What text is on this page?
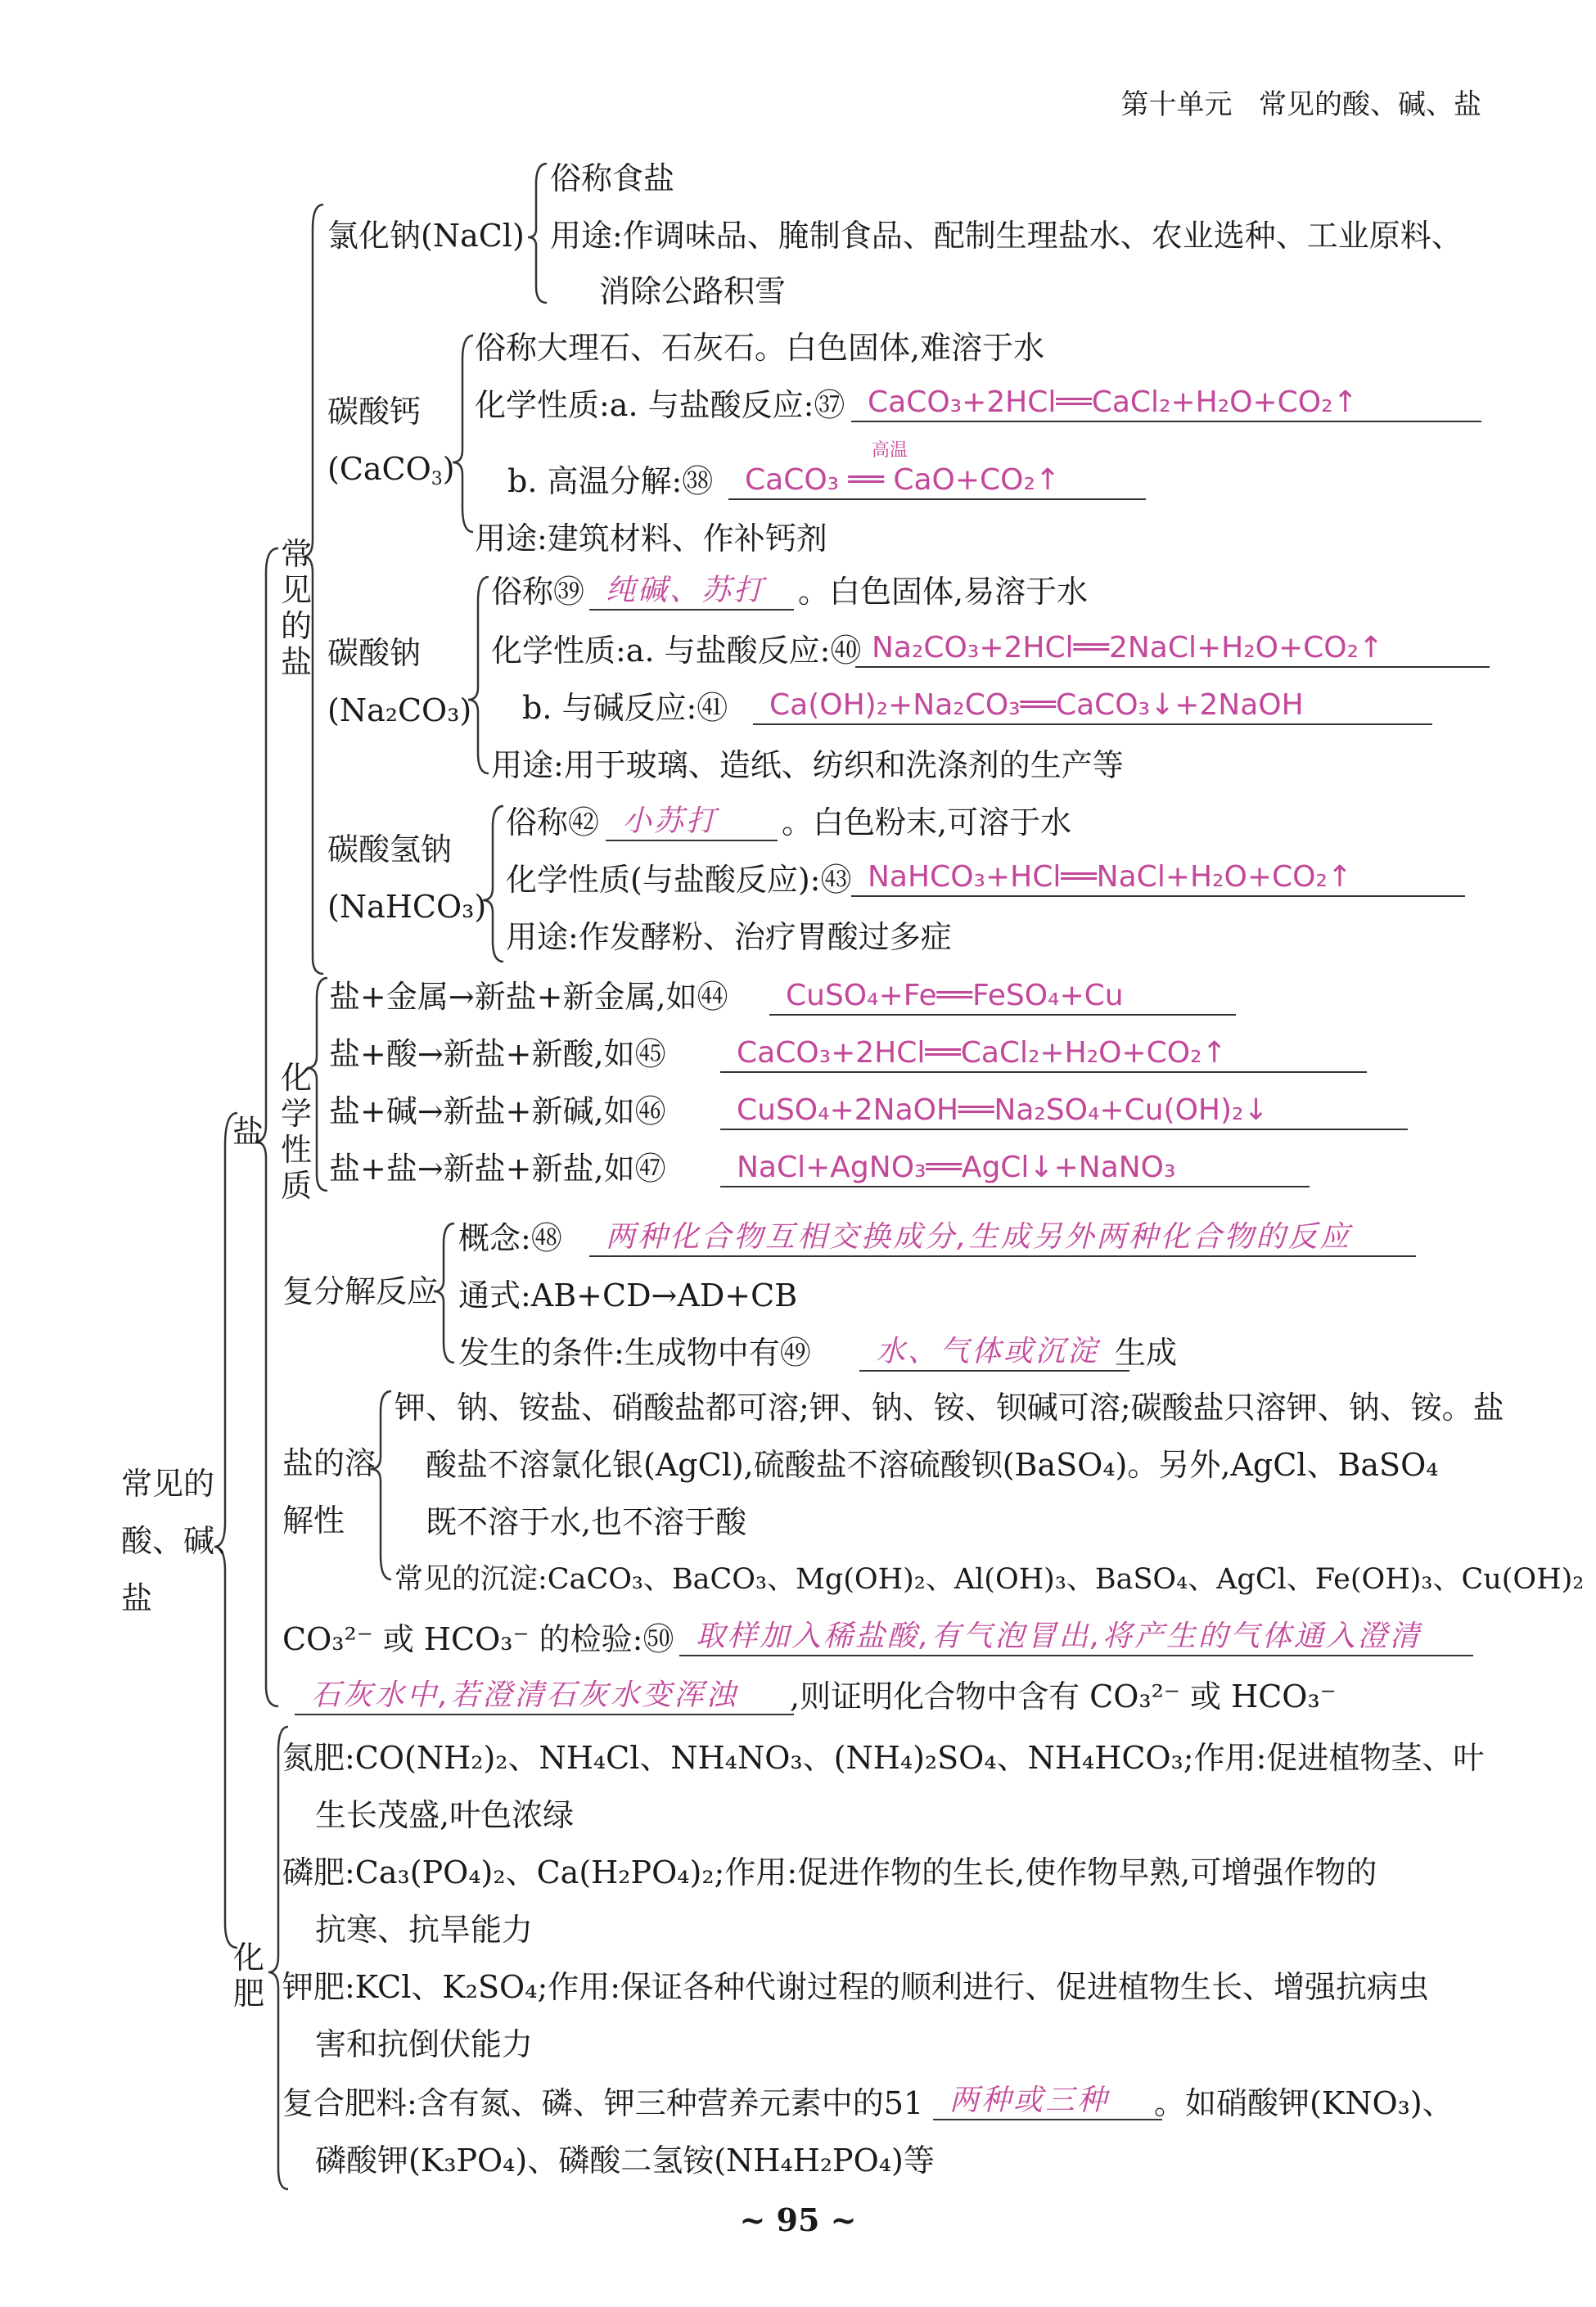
第十单元 常见的酸、碱、盐
常见的
酸、碱、
盐
盐
常见的盐
氯化钠(NaCl)
俗称食盐
用途:作调味品、腌制食品、配制生理盐水、农业选种、工业原料、
消除公路积雪
碳酸钙
(CaCO$_3$)
俗称大理石、石灰石。白色固体,难溶于水
化学性质:a. 与盐酸反应:㊲ CaCO₃+2HCl══CaCl₂+H₂O+CO₂↑
b. 高温分解:㊳
高温
CaCO₃ ══ CaO+CO₂↑
用途:建筑材料、作补钙剂
碳酸钠
(Na₂CO₃)
俗称㊴ 纯碱、苏打	。白色固体,易溶于水
化学性质:a. 与盐酸反应:㊵ Na₂CO₃+2HCl══2NaCl+H₂O+CO₂↑
b. 与碱反应:㊶	Ca(OH)₂+Na₂CO₃══CaCO₃↓+2NaOH
用途:用于玻璃、造纸、纺织和洗涤剂的生产等
碳酸氢钠
(NaHCO₃)
俗称㊷ 小苏打	。白色粉末,可溶于水
化学性质(与盐酸反应):㊸ NaHCO₃+HCl══NaCl+H₂O+CO₂↑
用途:作发酵粉、治疗胃酸过多症
化学性质
盐+金属→新盐+新金属,如㊹	CuSO₄+Fe══FeSO₄+Cu
盐+酸→新盐+新酸,如㊺	CaCO₃+2HCl══CaCl₂+H₂O+CO₂↑
盐+碱→新盐+新碱,如㊻	CuSO₄+2NaOH══Na₂SO₄+Cu(OH)₂↓
盐+盐→新盐+新盐,如㊼	NaCl+AgNO₃══AgCl↓+NaNO₃
复分解反应
概念:㊽	两种化合物互相交换成分,生成另外两种化合物的反应
通式:AB+CD→AD+CB
发生的条件:生成物中有㊾	水、气体或沉淀 生成
盐的溶
解性
钾、钠、铵盐、硝酸盐都可溶;钾、钠、铵、钡碱可溶;碳酸盐只溶钾、钠、铵。盐
酸盐不溶氯化银(AgCl),硫酸盐不溶硫酸钡(BaSO₄)。另外,AgCl、BaSO₄
既不溶于水,也不溶于酸
常见的沉淀:CaCO₃、BaCO₃、Mg(OH)₂、Al(OH)₃、BaSO₄、AgCl、Fe(OH)₃、Cu(OH)₂
CO₃²⁻ 或 HCO₃⁻ 的检验:㊿ 取样加入稀盐酸,有气泡冒出,将产生的气体通入澄清
石灰水中,若澄清石灰水变浑浊	,则证明化合物中含有 CO₃²⁻ 或 HCO₃⁻
化肥
氮肥:CO(NH₂)₂、NH₄Cl、NH₄NO₃、(NH₄)₂SO₄、NH₄HCO₃;作用:促进植物茎、叶
生长茂盛,叶色浓绿
磷肥:Ca₃(PO₄)₂、Ca(H₂PO₄)₂;作用:促进作物的生长,使作物早熟,可增强作物的
抗寒、抗旱能力
钾肥:KCl、K₂SO₄;作用:保证各种代谢过程的顺利进行、促进植物生长、增强抗病虫
害和抗倒伏能力
复合肥料:含有氮、磷、钾三种营养元素中的51 两种或三种	。如硝酸钾(KNO₃)、
磷酸钾(K₃PO₄)、磷酸二氢铵(NH₄H₂PO₄)等
~ 95 ~
